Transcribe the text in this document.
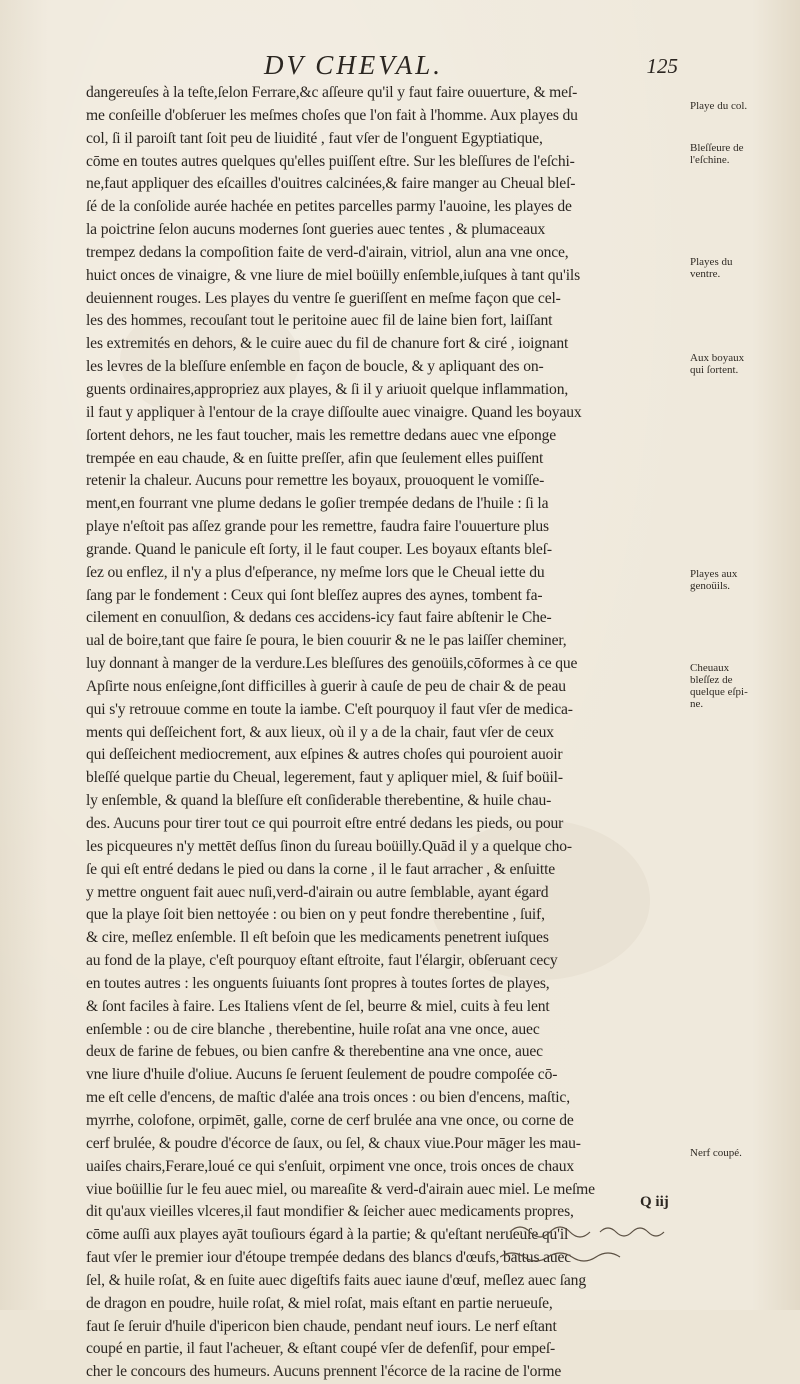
DV CHEVAL.	125
dangereuſes à la teſte,ſelon Ferrare,&c aſſeure qu'il y faut faire ouuerture, & meſ-
me conſeille d'obſeruer les meſmes choſes que l'on fait à l'homme. Aux playes du
col, ſi il paroiſt tant ſoit peu de liuidité , faut vſer de l'onguent Egyptiatique,
cōme en toutes autres quelques qu'elles puiſſent eſtre. Sur les bleſſures de l'eſchi-
ne,faut appliquer des eſcailles d'ouitres calcinées,& faire manger au Cheual bleſ-
ſé de la conſolide aurée hachée en petites parcelles parmy l'auoine, les playes de
la poictrine ſelon aucuns modernes ſont gueries auec tentes , & plumaceaux
trempez dedans la compoſition faite de verd-d'airain, vitriol, alun ana vne once,
huict onces de vinaigre, & vne liure de miel boüilly enſemble,iuſques à tant qu'ils
deuiennent rouges. Les playes du ventre ſe gueriſſent en meſme façon que cel-
les des hommes, recouſant tout le peritoine auec fil de laine bien fort, laiſſant
les extremités en dehors, & le cuire auec du fil de chanure fort & ciré , ioignant
les levres de la bleſſure enſemble en façon de boucle, & y apliquant des on-
guents ordinaires,appropriez aux playes, & ſi il y ariuoit quelque inflammation,
il faut y appliquer à l'entour de la craye diſſoulte auec vinaigre. Quand les boyaux
ſortent dehors, ne les faut toucher, mais les remettre dedans auec vne eſponge
trempée en eau chaude, & en ſuitte preſſer, afin que ſeulement elles puiſſent
retenir la chaleur. Aucuns pour remettre les boyaux, prouoquent le vomiſſe-
ment,en fourrant vne plume dedans le goſier trempée dedans de l'huile : ſi la
playe n'eſtoit pas aſſez grande pour les remettre, faudra faire l'ouuerture plus
grande. Quand le panicule eſt ſorty, il le faut couper. Les boyaux eſtants bleſ-
ſez ou enflez, il n'y a plus d'eſperance, ny meſme lors que le Cheual iette du
ſang par le fondement : Ceux qui ſont bleſſez aupres des aynes, tombent fa-
cilement en conuulſion, & dedans ces accidens-icy faut faire abſtenir le Che-
ual de boire,tant que faire ſe poura, le bien couurir & ne le pas laiſſer cheminer,
luy donnant à manger de la verdure.Les bleſſures des genoüils,cōformes à ce que
Apſirte nous enſeigne,ſont difficilles à guerir à cauſe de peu de chair & de peau
qui s'y retrouue comme en toute la iambe. C'eſt pourquoy il faut vſer de medica-
ments qui deſſeichent fort, & aux lieux, où il y a de la chair, faut vſer de ceux
qui deſſeichent mediocrement, aux eſpines & autres choſes qui pouroient auoir
bleſſé quelque partie du Cheual, legerement, faut y apliquer miel, & ſuif boüil-
ly enſemble, & quand la bleſſure eſt conſiderable therebentine, & huile chau-
des. Aucuns pour tirer tout ce qui pourroit eſtre entré dedans les pieds, ou pour
les picqueures n'y mettēt deſſus ſinon du ſureau boüilly.Quād il y a quelque cho-
ſe qui eſt entré dedans le pied ou dans la corne , il le faut arracher , & enſuitte
y mettre onguent fait auec nuſi,verd-d'airain ou autre ſemblable, ayant égard
que la playe ſoit bien nettoyée : ou bien on y peut fondre therebentine , ſuif,
& cire, meſlez enſemble. Il eſt beſoin que les medicaments penetrent iuſques
au fond de la playe, c'eſt pourquoy eſtant eſtroite, faut l'élargir, obſeruant cecy
en toutes autres : les onguents ſuiuants ſont propres à toutes ſortes de playes,
& ſont faciles à faire. Les Italiens vſent de ſel, beurre & miel, cuits à feu lent
enſemble : ou de cire blanche , therebentine, huile roſat ana vne once, auec
deux de farine de febues, ou bien canfre & therebentine ana vne once, auec
vne liure d'huile d'oliue. Aucuns ſe ſeruent ſeulement de poudre compoſée cō-
me eſt celle d'encens, de maſtic d'alée ana trois onces : ou bien d'encens, maſtic,
myrrhe, colofone, orpimēt, galle, corne de cerf brulée ana vne once, ou corne de
cerf brulée, & poudre d'écorce de ſaux, ou ſel, & chaux viue.Pour māger les mau-
uaiſes chairs,Ferare,loué ce qui s'enſuit, orpiment vne once, trois onces de chaux
viue boüillie ſur le feu auec miel, ou mareaſite & verd-d'airain auec miel. Le meſme
dit qu'aux vieilles vlceres,il faut mondifier & ſeicher auec medicaments propres,
cōme auſſi aux playes ayāt touſiours égard à la partie; & qu'eſtant nerueuſe qu'il
faut vſer le premier iour d'étoupe trempée dedans des blancs d'œufs, battus auec
ſel, & huile roſat, & en ſuite auec digeſtifs faits auec iaune d'œuf, meſlez auec ſang
de dragon en poudre, huile roſat, & miel roſat, mais eſtant en partie nerueuſe,
faut ſe ſeruir d'huile d'ipericon bien chaude, pendant neuf iours. Le nerf eſtant
coupé en partie, il faut l'acheuer, & eſtant coupé vſer de defenſif, pour empeſ-
cher le concours des humeurs. Aucuns prennent l'écorce de la racine de l'orme
Playe du col.
Bleſſeure de
l'eſchine.
Playes du
ventre.
Aux boyaux
qui ſortent.
Playes aux
genoüils.
Cheuaux
bleſſez de
quelque eſpi-
ne.
Nerf coupé.
Q iij
